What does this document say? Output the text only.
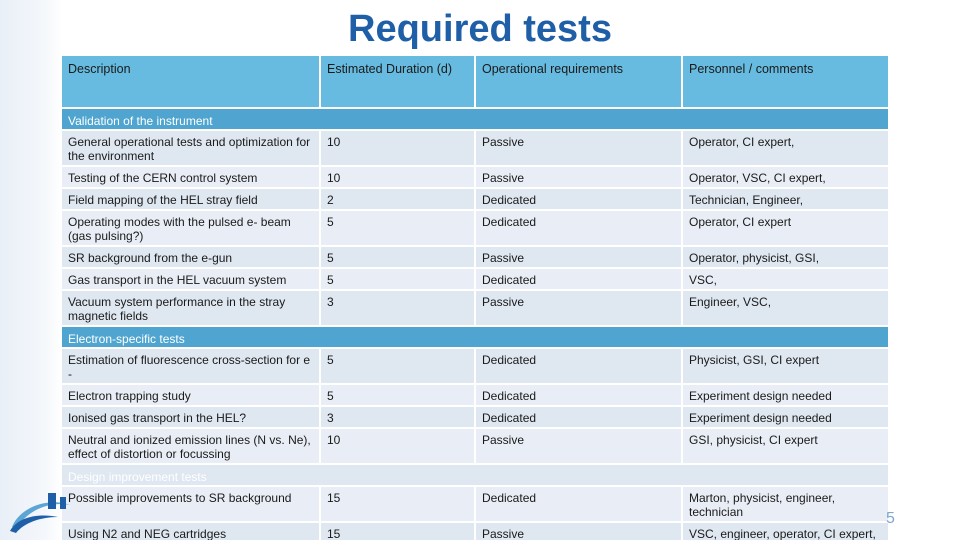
Required tests
Description	Estimated Duration (d)	Operational requirements	Personnel / comments
Validation of the instrument			
General operational tests and optimization for the environment	10	Passive	Operator, CI expert,
Testing of the CERN control system	10	Passive	Operator, VSC, CI expert,
Field mapping of the HEL stray field	2	Dedicated	Technician, Engineer,
Operating modes with the pulsed e- beam (gas pulsing?)	5	Dedicated	Operator, CI expert
SR background from the e-gun	5	Passive	Operator, physicist, GSI,
Gas transport in the HEL vacuum system	5	Dedicated	VSC,
Vacuum system performance in the stray magnetic fields	3	Passive	Engineer, VSC,
Electron-specific tests			
Estimation of fluorescence cross-section for e -	5	Dedicated	Physicist, GSI, CI expert
Electron trapping study	5	Dedicated	Experiment design needed
Ionised gas transport in the HEL?	3	Dedicated	Experiment design needed
Neutral and ionized emission lines (N vs. Ne), effect of distortion or focussing	10	Passive	GSI, physicist, CI expert
Design improvement tests			
Possible improvements to SR background	15	Dedicated	Marton, physicist, engineer, technician
Using N2 and NEG cartridges	15	Passive	VSC, engineer, operator, CI expert,
5
